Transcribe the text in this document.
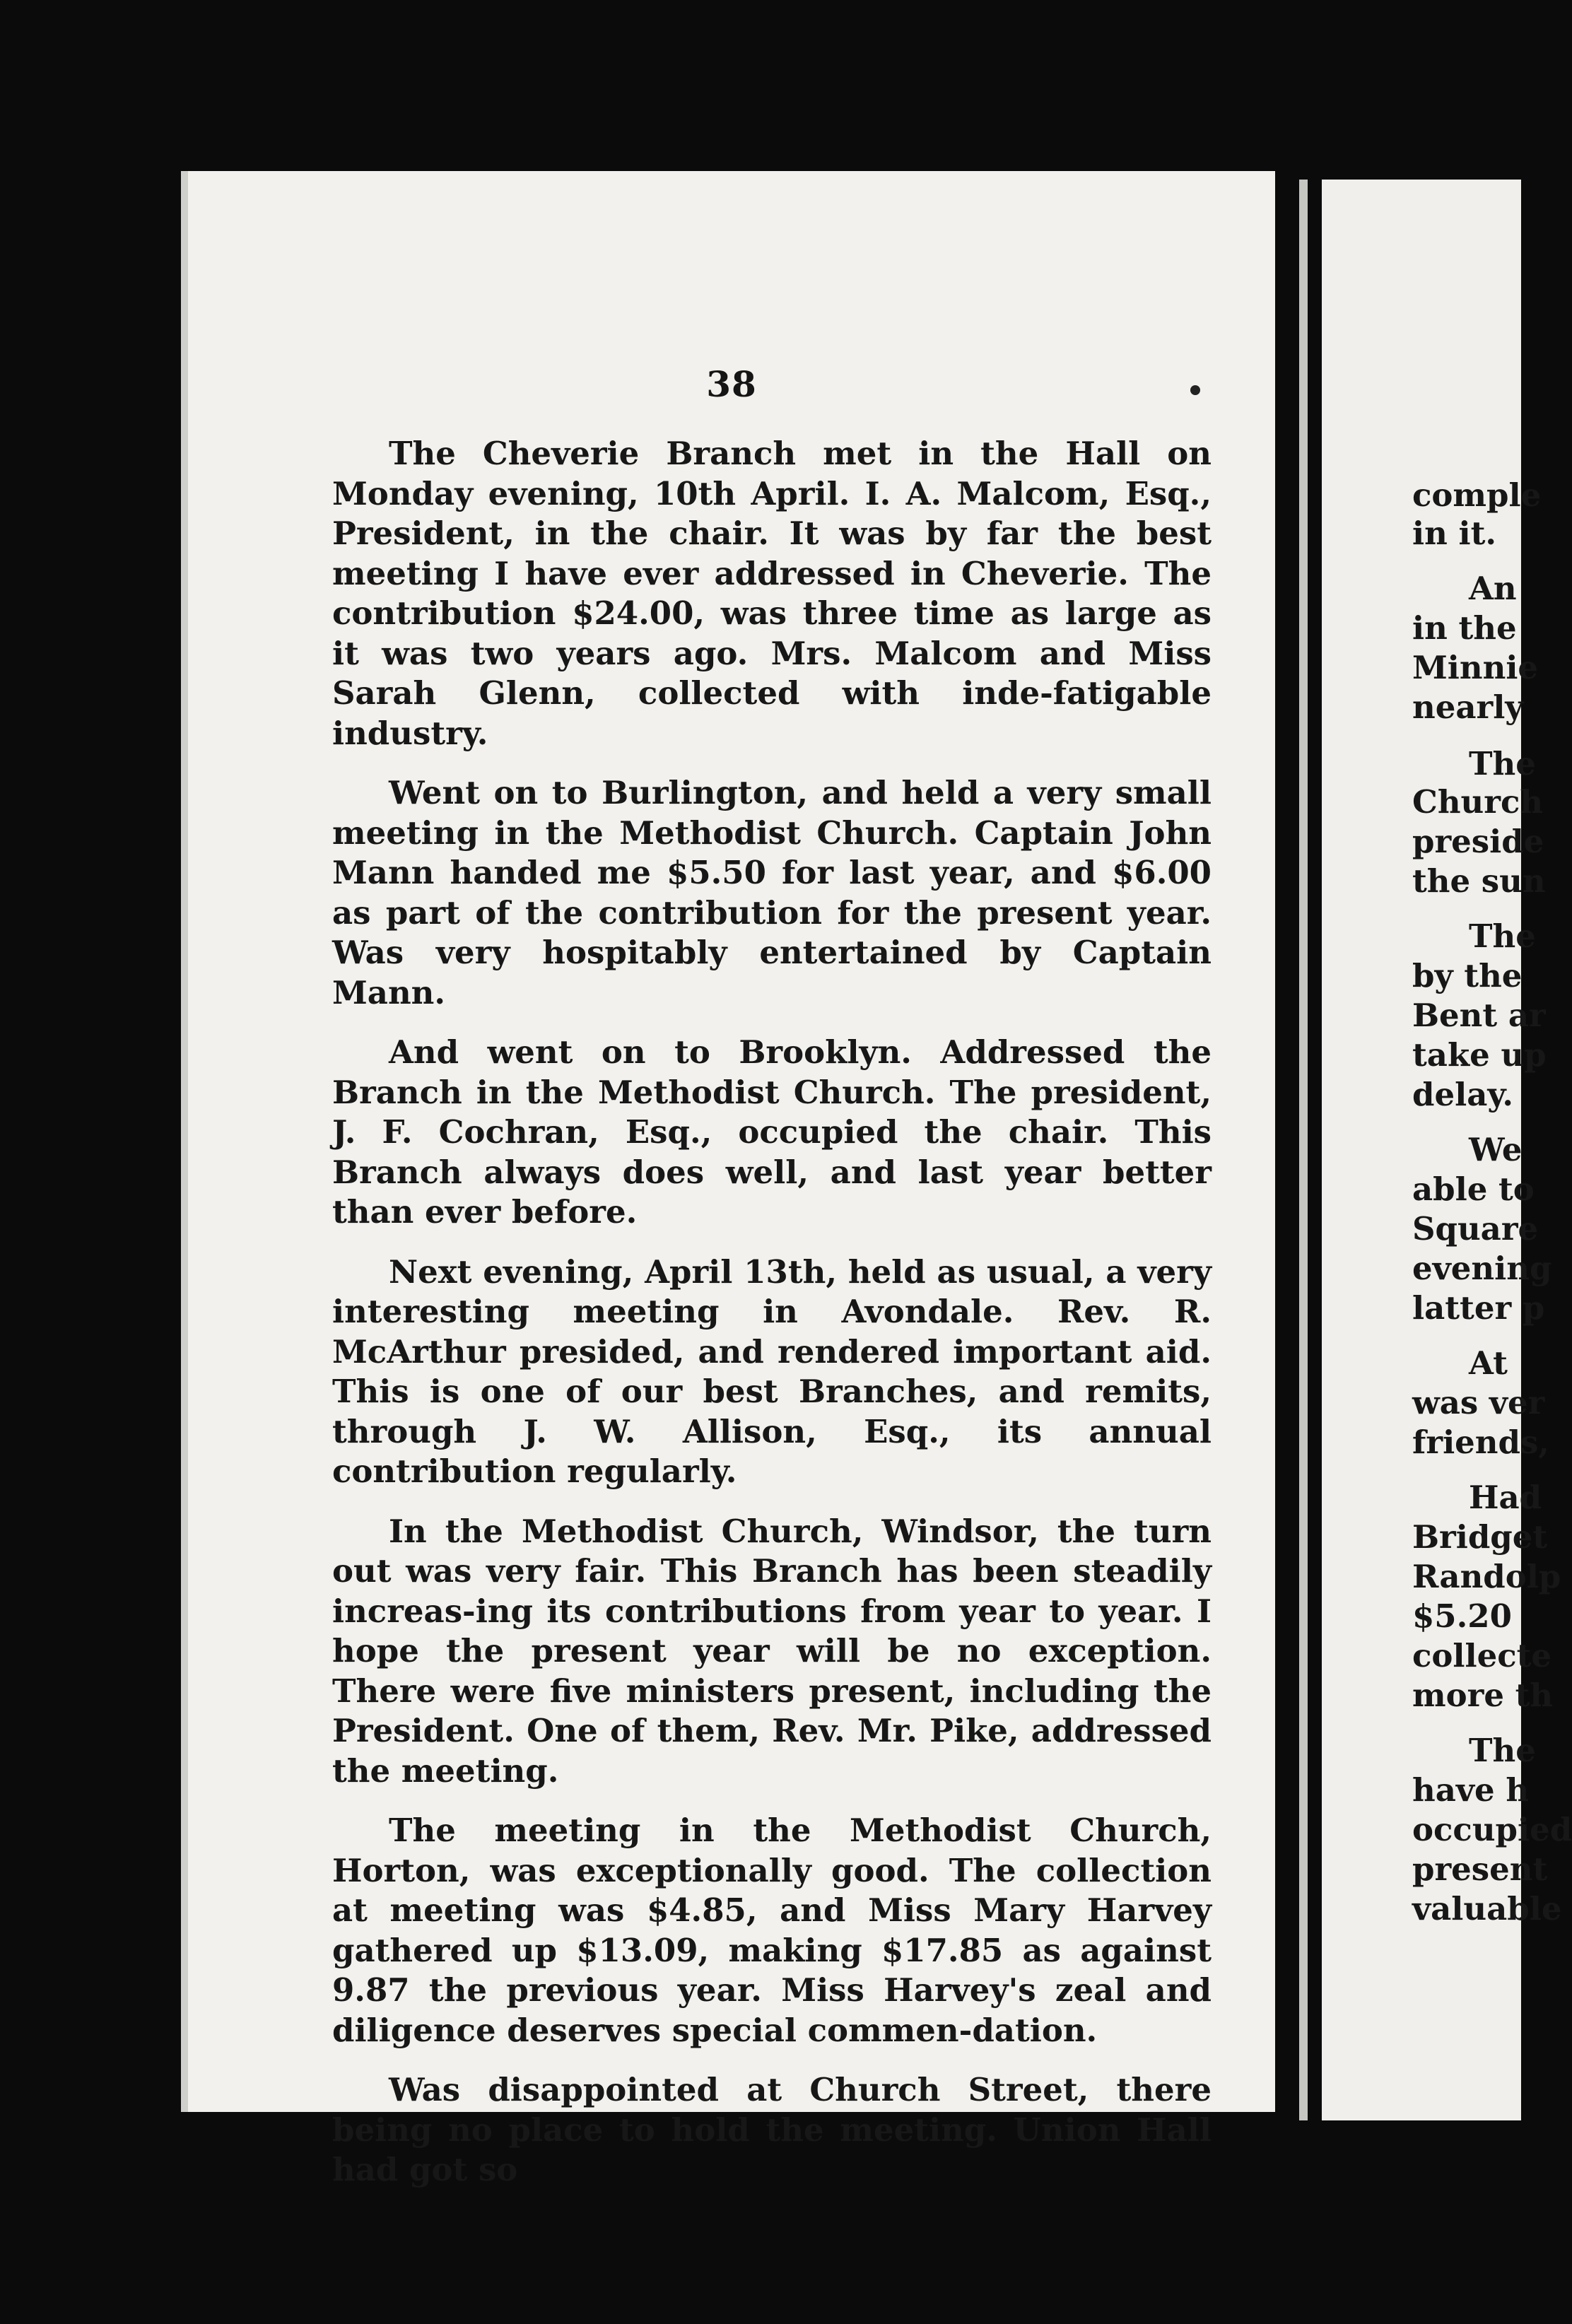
38

The Cheverie Branch met in the Hall on Monday evening, 10th April. I. A. Malcom, Esq., President, in the chair. It was by far the best meeting I have ever addressed in Cheverie. The contribution $24.00, was three time as large as it was two years ago. Mrs. Malcom and Miss Sarah Glenn, collected with inde-fatigable industry.

Went on to Burlington, and held a very small meeting in the Methodist Church. Captain John Mann handed me $5.50 for last year, and $6.00 as part of the contribution for the present year. Was very hospitably entertained by Captain Mann.

And went on to Brooklyn. Addressed the Branch in the Methodist Church. The president, J. F. Cochran, Esq., occupied the chair. This Branch always does well, and last year better than ever before.

Next evening, April 13th, held as usual, a very interesting meeting in Avondale. Rev. R. McArthur presided, and rendered important aid. This is one of our best Branches, and remits, through J. W. Allison, Esq., its annual contribution regularly.

In the Methodist Church, Windsor, the turn out was very fair. This Branch has been steadily increas-ing its contributions from year to year. I hope the present year will be no exception. There were five ministers present, including the President. One of them, Rev. Mr. Pike, addressed the meeting.

The meeting in the Methodist Church, Horton, was exceptionally good. The collection at meeting was $4.85, and Miss Mary Harvey gathered up $13.09, making $17.85 as against 9.87 the previous year. Miss Harvey's zeal and diligence deserves special commen-dation.

Was disappointed at Church Street, there being no place to hold the meeting. Union Hall had got so

comple
in it.
An
in the
Minnie
nearly
The
Church
preside
the sun
The
by the
Bent ar
take up
delay.
We
able to
Square
evening
latter p
At
was ver
friends,
Had
Bridget
Randolp
$5.20
collecte
more th
The
have h
occupied
present
valuable
